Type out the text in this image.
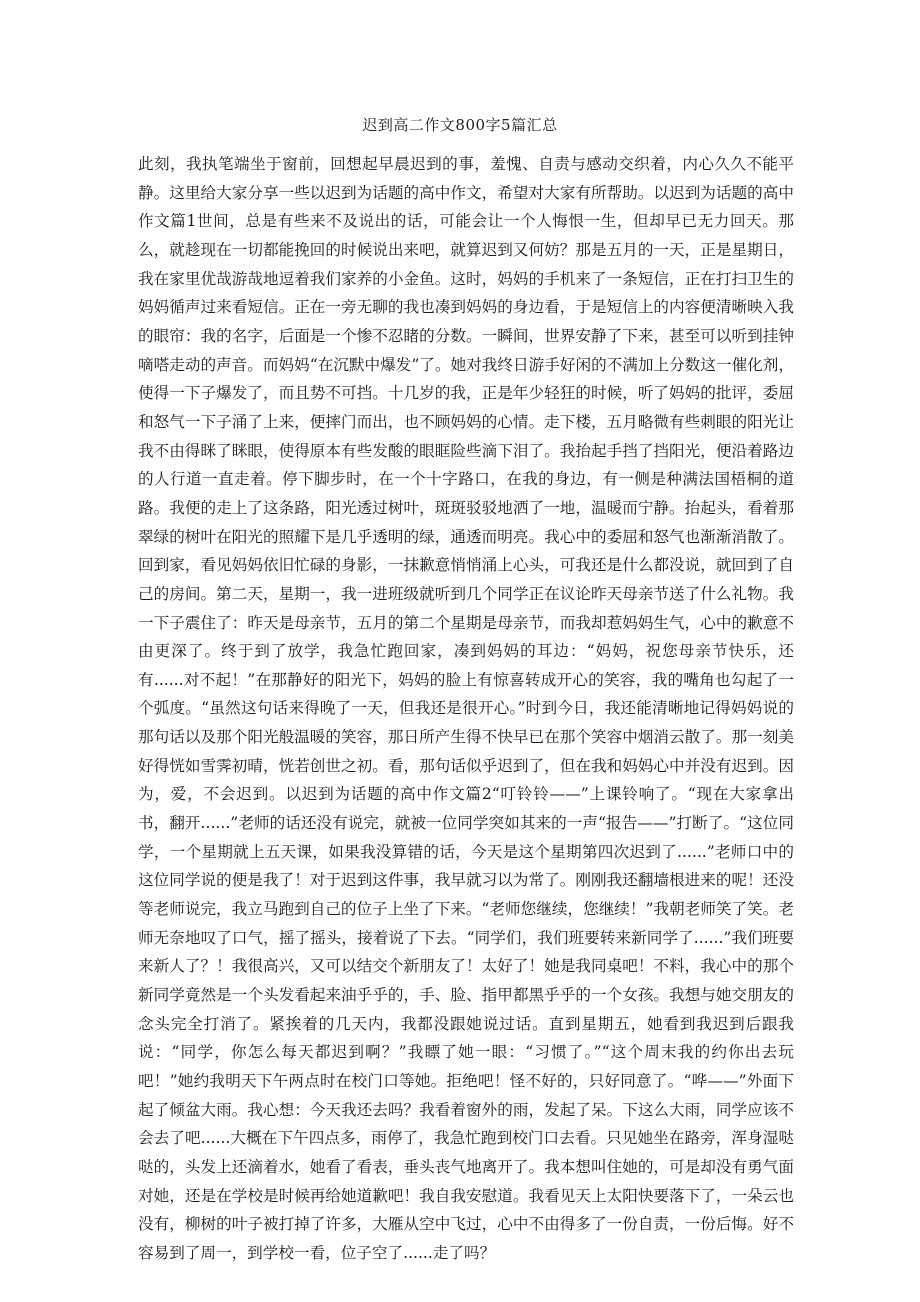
迟到高二作文800字5篇汇总

此刻，我执笔端坐于窗前，回想起早晨迟到的事，羞愧、自责与感动交织着，内心久久不能平静。这里给大家分享一些以迟到为话题的高中作文，希望对大家有所帮助。以迟到为话题的高中作文篇1世间，总是有些来不及说出的话，可能会让一个人悔恨一生，但却早已无力回天。那么，就趁现在一切都能挽回的时候说出来吧，就算迟到又何妨？那是五月的一天，正是星期日，我在家里优哉游哉地逗着我们家养的小金鱼。这时，妈妈的手机来了一条短信，正在打扫卫生的妈妈循声过来看短信。正在一旁无聊的我也凑到妈妈的身边看，于是短信上的内容便清晰映入我的眼帘：我的名字，后面是一个惨不忍睹的分数。一瞬间，世界安静了下来，甚至可以听到挂钟嘀嗒走动的声音。而妈妈“在沉默中爆发”了。她对我终日游手好闲的不满加上分数这一催化剂，使得一下子爆发了，而且势不可挡。十几岁的我，正是年少轻狂的时候，听了妈妈的批评，委屈和怒气一下子涌了上来，便摔门而出，也不顾妈妈的心情。走下楼，五月略微有些刺眼的阳光让我不由得眯了眯眼，使得原本有些发酸的眼眶险些滴下泪了。我抬起手挡了挡阳光，便沿着路边的人行道一直走着。停下脚步时，在一个十字路口，在我的身边，有一侧是种满法国梧桐的道路。我便的走上了这条路，阳光透过树叶，斑斑驳驳地洒了一地，温暖而宁静。抬起头，看着那翠绿的树叶在阳光的照耀下是几乎透明的绿，通透而明亮。我心中的委屈和怒气也渐渐消散了。回到家，看见妈妈依旧忙碌的身影，一抹歉意悄悄涌上心头，可我还是什么都没说，就回到了自己的房间。第二天，星期一，我一进班级就听到几个同学正在议论昨天母亲节送了什么礼物。我一下子震住了：昨天是母亲节，五月的第二个星期是母亲节，而我却惹妈妈生气，心中的歉意不由更深了。终于到了放学，我急忙跑回家，凑到妈妈的耳边：“妈妈，祝您母亲节快乐，还有......对不起！”在那静好的阳光下，妈妈的脸上有惊喜转成开心的笑容，我的嘴角也勾起了一个弧度。“虽然这句话来得晚了一天，但我还是很开心。”时到今日，我还能清晰地记得妈妈说的那句话以及那个阳光般温暖的笑容，那日所产生得不快早已在那个笑容中烟消云散了。那一刻美好得恍如雪霁初晴，恍若创世之初。看，那句话似乎迟到了，但在我和妈妈心中并没有迟到。因为，爱，不会迟到。以迟到为话题的高中作文篇2“叮铃铃——”上课铃响了。“现在大家拿出书，翻开......”老师的话还没有说完，就被一位同学突如其来的一声“报告——”打断了。“这位同学，一个星期就上五天课，如果我没算错的话，今天是这个星期第四次迟到了......”老师口中的这位同学说的便是我了！对于迟到这件事，我早就习以为常了。刚刚我还翻墙根进来的呢！还没等老师说完，我立马跑到自己的位子上坐了下来。“老师您继续，您继续！”我朝老师笑了笑。老师无奈地叹了口气，摇了摇头，接着说了下去。“同学们，我们班要转来新同学了......”我们班要来新人了？！我很高兴，又可以结交个新朋友了！太好了！她是我同桌吧！不料，我心中的那个新同学竟然是一个头发看起来油乎乎的，手、脸、指甲都黑乎乎的一个女孩。我想与她交朋友的念头完全打消了。紧挨着的几天内，我都没跟她说过话。直到星期五，她看到我迟到后跟我说：“同学，你怎么每天都迟到啊？”我瞟了她一眼：“习惯了。”“这个周末我的约你出去玩吧！”她约我明天下午两点时在校门口等她。拒绝吧！怪不好的，只好同意了。“哗——”外面下起了倾盆大雨。我心想：今天我还去吗？我看着窗外的雨，发起了呆。下这么大雨，同学应该不会去了吧......大概在下午四点多，雨停了，我急忙跑到校门口去看。只见她坐在路旁，浑身湿哒哒的，头发上还滴着水，她看了看表，垂头丧气地离开了。我本想叫住她的，可是却没有勇气面对她，还是在学校是时候再给她道歉吧！我自我安慰道。我看见天上太阳快要落下了，一朵云也没有，柳树的叶子被打掉了许多，大雁从空中飞过，心中不由得多了一份自责，一份后悔。好不容易到了周一，到学校一看，位子空了......走了吗？
